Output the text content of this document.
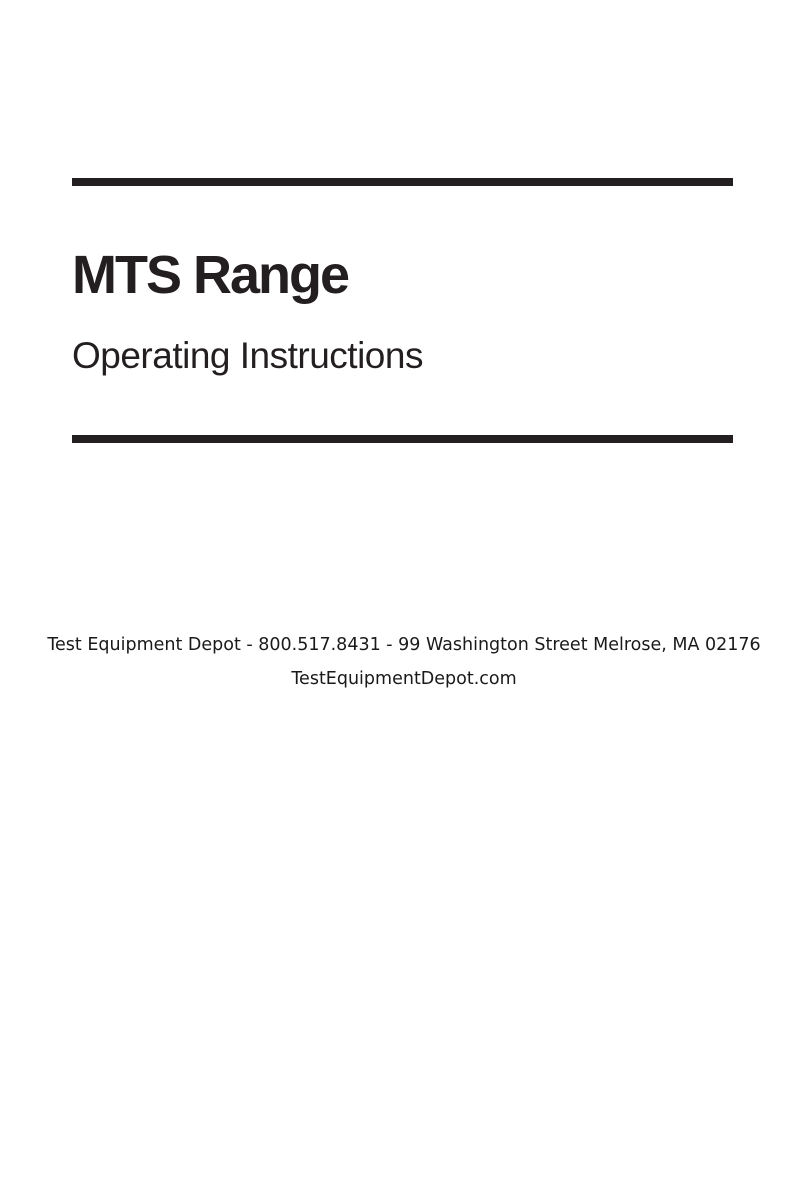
MTS Range
Operating Instructions
Test Equipment Depot - 800.517.8431 - 99 Washington Street Melrose, MA 02176
TestEquipmentDepot.com
